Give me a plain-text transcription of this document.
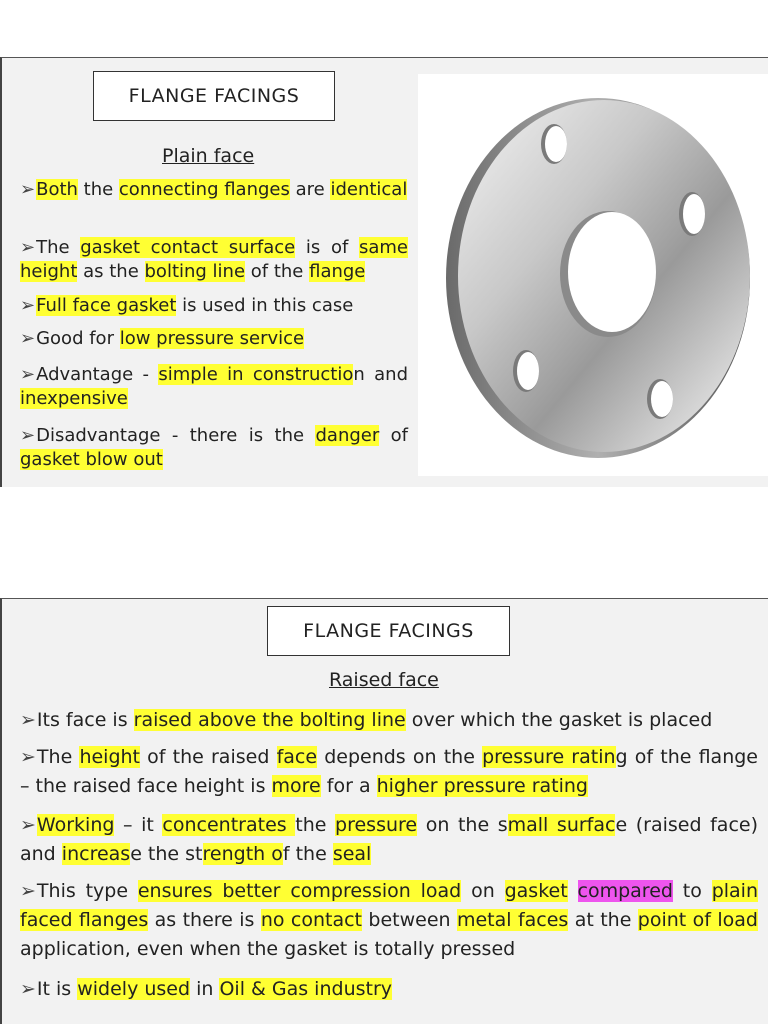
FLANGE FACINGS
Plain face
➢Both the connecting flanges are identical
➢The gasket contact surface is of same height as the bolting line of the flange
➢Full face gasket is used in this case
➢Good for low pressure service
➢Advantage - simple in construction and inexpensive
➢Disadvantage - there is the danger of gasket blow out
FLANGE FACINGS
Raised face
➢Its face is raised above the bolting line over which the gasket is placed
➢The height of the raised face depends on the pressure rating of the flange – the raised face height is more for a higher pressure rating
➢Working – it concentrates the pressure on the small surface (raised face) and increase the strength of the seal
➢This type ensures better compression load on gasket compared to plain faced flanges as there is no contact between metal faces at the point of load application, even when the gasket is totally pressed
➢It is widely used in Oil & Gas industry
